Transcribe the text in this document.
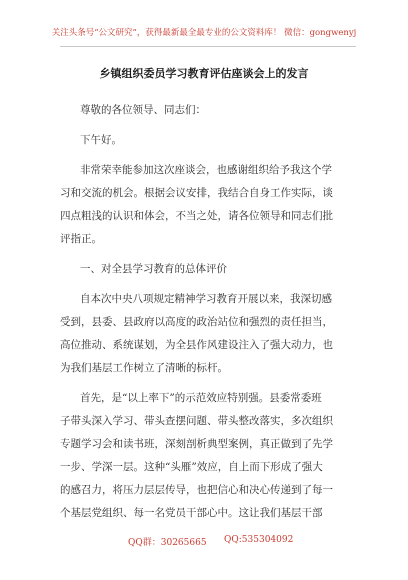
关注头条号“公文研究”，获得最新最全最专业的公文资料库！ 微信：gongwenyj
乡镇组织委员学习教育评估座谈会上的发言
尊敬的各位领导、同志们：
下午好。
非常荣幸能参加这次座谈会，也感谢组织给予我这个学
习和交流的机会。根据会议安排，我结合自身工作实际，谈
四点粗浅的认识和体会，不当之处，请各位领导和同志们批
评指正。
一、对全县学习教育的总体评价
自本次中央八项规定精神学习教育开展以来，我深切感
受到，县委、县政府以高度的政治站位和强烈的责任担当，
高位推动、系统谋划，为全县作风建设注入了强大动力，也
为我们基层工作树立了清晰的标杆。
首先，是“以上率下”的示范效应特别强。县委常委班
子带头深入学习、带头查摆问题、带头整改落实，多次组织
专题学习会和读书班，深刻剖析典型案例，真正做到了先学
一步、学深一层。这种“头雁”效应，自上而下形成了强大
的感召力，将压力层层传导，也把信心和决心传递到了每一
个基层党组织、每一名党员干部心中。这让我们基层干部
QQ群：30265665 QQ:535304092
